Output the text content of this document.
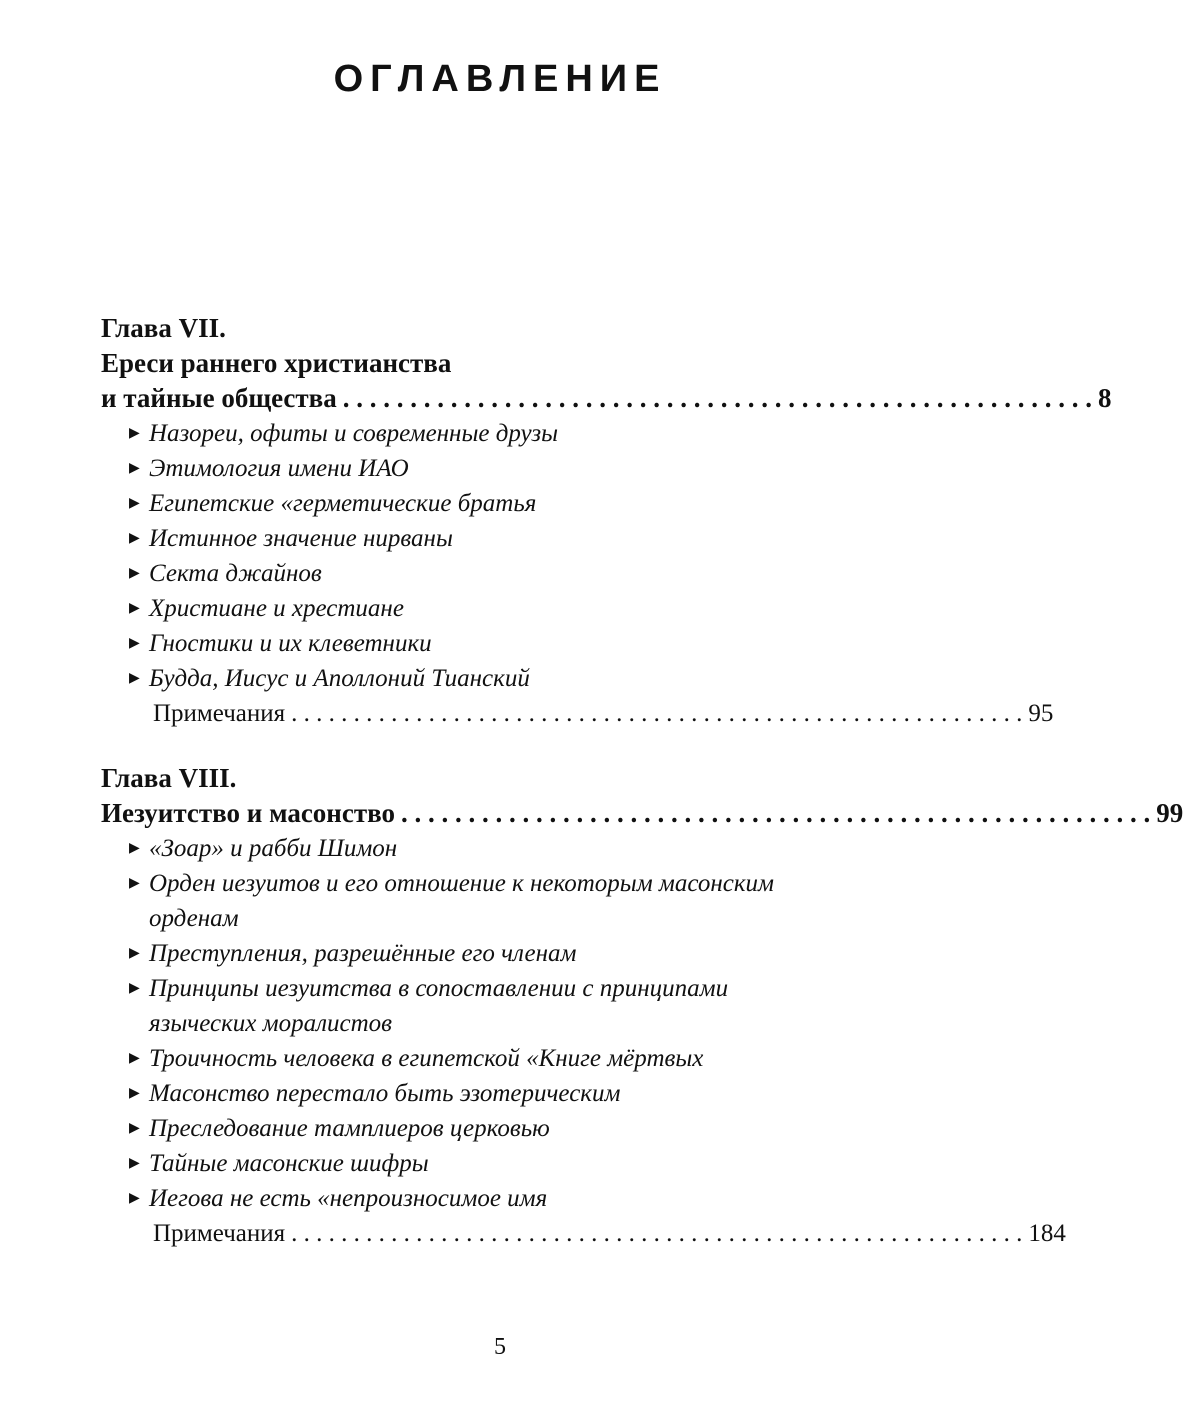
ОГЛАВЛЕНИЕ
Глава VII.
Ереси раннего христианства
и тайные общества . . . . . . . . . . . . . . . . . . . . . . . . . . . . . . . . . . . . . . . . . . . . . . . . . . . . . . . . 8
▶ Назореи, офиты и современные друзы
▶ Этимология имени ИАО
▶ Египетские «герметические братья
▶ Истинное значение нирваны
▶ Секта джайнов
▶ Христиане и хрестиане
▶ Гностики и их клеветники
▶ Будда, Иисус и Аполлоний Тианский
Примечания . . . . . . . . . . . . . . . . . . . . . . . . . . . . . . . . . . . . . . . . . . . . . . . . . . . . . . . . . . . 95
Глава VIII.
Иезуитство и масонство . . . . . . . . . . . . . . . . . . . . . . . . . . . . . . . . . . . . . . . . . . . . . . . . . . . . . . . . 99
▶ «Зоар» и рабби Шимон
▶ Орден иезуитов и его отношение к некоторым масонским
орденам
▶ Преступления, разрешённые его членам
▶ Принципы иезуитства в сопоставлении с принципами
языческих моралистов
▶ Троичность человека в египетской «Книге мёртвых
▶ Масонство перестало быть эзотерическим
▶ Преследование тамплиеров церковью
▶ Тайные масонские шифры
▶ Иегова не есть «непроизносимое имя
Примечания . . . . . . . . . . . . . . . . . . . . . . . . . . . . . . . . . . . . . . . . . . . . . . . . . . . . . . . . . . . 184
5
